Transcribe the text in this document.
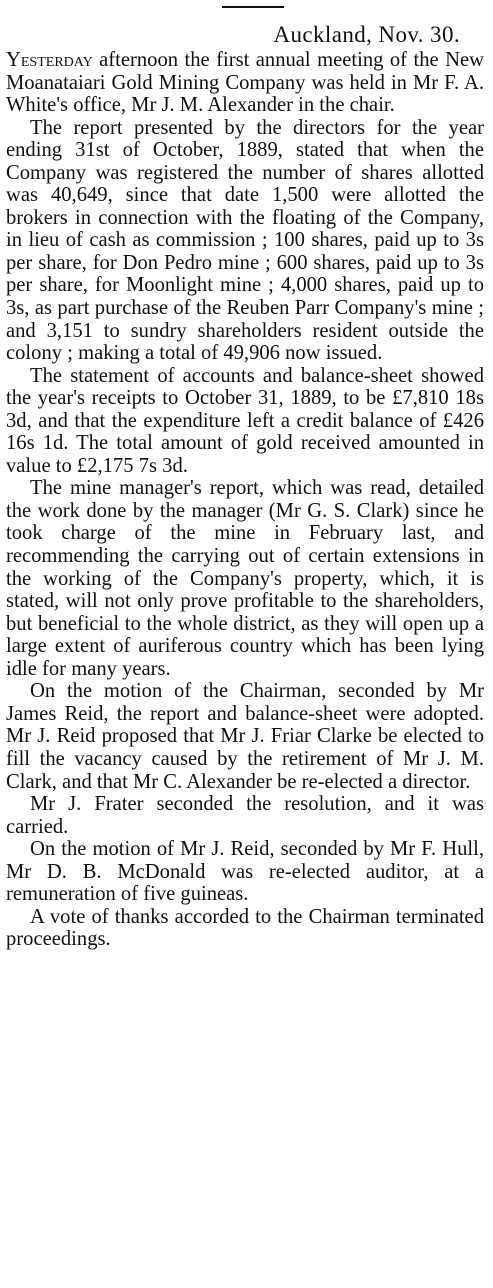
Auckland, Nov. 30.

Yesterday afternoon the first annual meeting of the New Moanataiari Gold Mining Company was held in Mr F. A. White's office, Mr J. M. Alexander in the chair.

The report presented by the directors for the year ending 31st of October, 1889, stated that when the Company was registered the number of shares allotted was 40,649, since that date 1,500 were allotted the brokers in connection with the floating of the Company, in lieu of cash as commission ; 100 shares, paid up to 3s per share, for Don Pedro mine ; 600 shares, paid up to 3s per share, for Moonlight mine ; 4,000 shares, paid up to 3s, as part purchase of the Reuben Parr Company's mine ; and 3,151 to sundry shareholders resident outside the colony ; making a total of 49,906 now issued.

The statement of accounts and balance-sheet showed the year's receipts to October 31, 1889, to be £7,810 18s 3d, and that the expenditure left a credit balance of £426 16s 1d. The total amount of gold received amounted in value to £2,175 7s 3d.

The mine manager's report, which was read, detailed the work done by the manager (Mr G. S. Clark) since he took charge of the mine in February last, and recommending the carrying out of certain extensions in the working of the Company's property, which, it is stated, will not only prove profitable to the shareholders, but beneficial to the whole district, as they will open up a large extent of auriferous country which has been lying idle for many years.

On the motion of the Chairman, seconded by Mr James Reid, the report and balance-sheet were adopted. Mr J. Reid proposed that Mr J. Friar Clarke be elected to fill the vacancy caused by the retirement of Mr J. M. Clark, and that Mr C. Alexander be re-elected a director.

Mr J. Frater seconded the resolution, and it was carried.

On the motion of Mr J. Reid, seconded by Mr F. Hull, Mr D. B. McDonald was re-elected auditor, at a remuneration of five guineas.

A vote of thanks accorded to the Chairman terminated proceedings.
